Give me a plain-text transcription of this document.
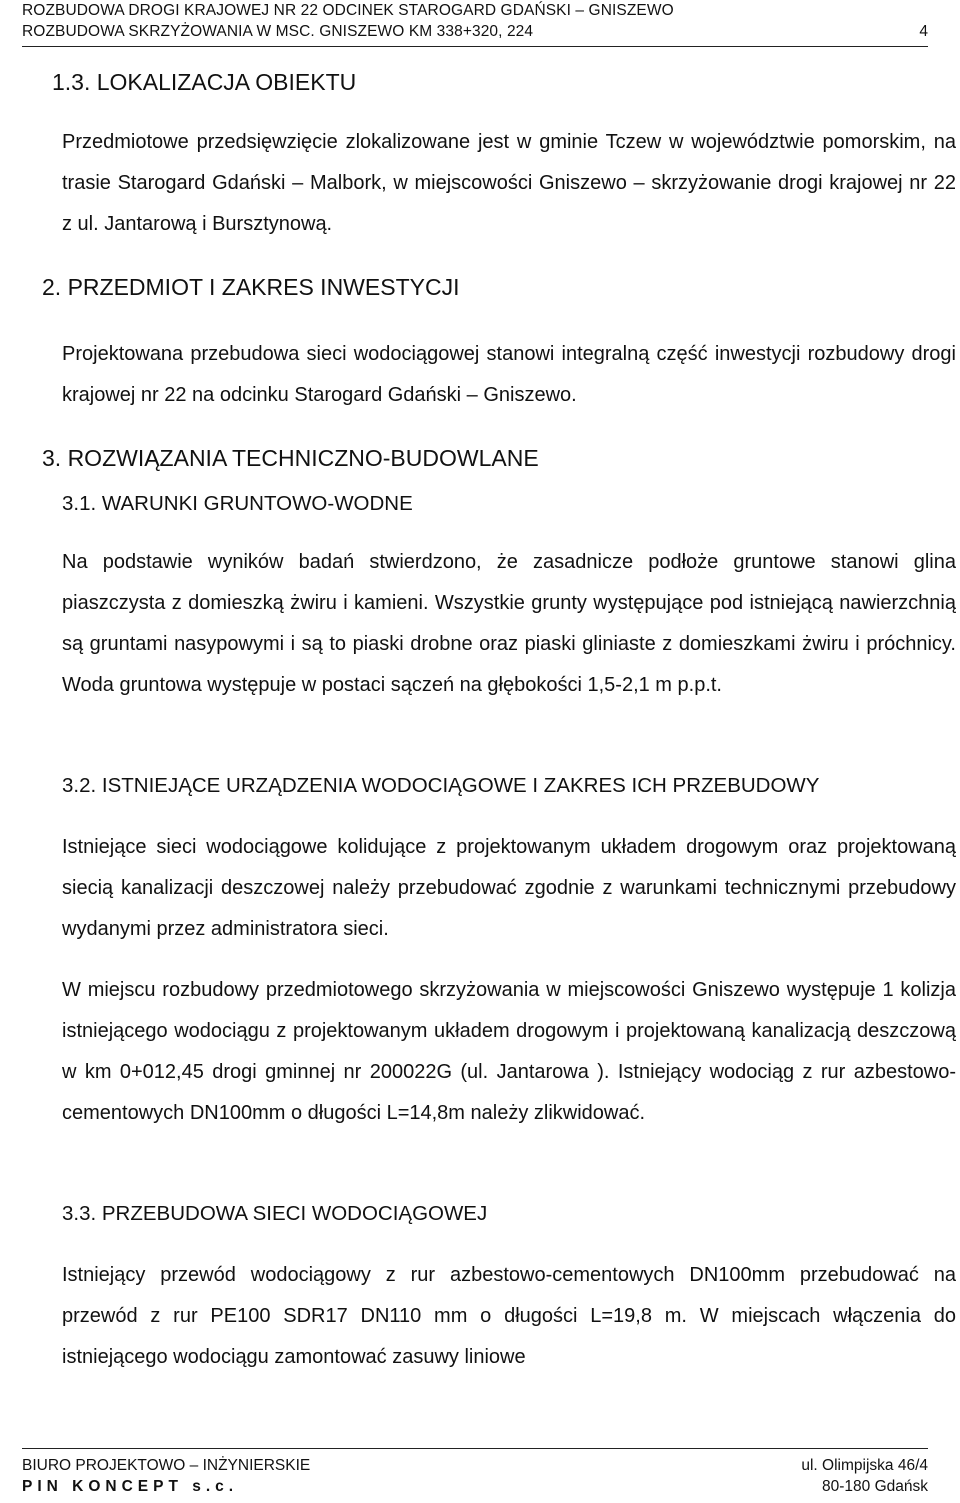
ROZBUDOWA DROGI KRAJOWEJ NR 22 ODCINEK STAROGARD GDAŃSKI – GNISZEWO
ROZBUDOWA SKRZYŻOWANIA W MSC. GNISZEWO KM 338+320, 224	4
1.3. LOKALIZACJA OBIEKTU
Przedmiotowe przedsięwzięcie zlokalizowane jest w gminie Tczew w województwie pomorskim, na trasie Starogard Gdański – Malbork, w miejscowości Gniszewo – skrzyżowanie drogi krajowej nr 22 z ul. Jantarową i Bursztynową.
2. PRZEDMIOT I ZAKRES INWESTYCJI
Projektowana przebudowa sieci wodociągowej stanowi integralną część inwestycji rozbudowy drogi krajowej nr 22 na odcinku Starogard Gdański – Gniszewo.
3. ROZWIĄZANIA TECHNICZNO-BUDOWLANE
3.1. WARUNKI GRUNTOWO-WODNE
Na podstawie wyników badań stwierdzono, że zasadnicze podłoże gruntowe stanowi glina piaszczysta z domieszką żwiru i kamieni. Wszystkie grunty występujące pod istniejącą nawierzchnią są gruntami nasypowymi i są to piaski drobne oraz piaski gliniaste z domieszkami żwiru i próchnicy. Woda gruntowa występuje w postaci sączeń na głębokości 1,5-2,1 m p.p.t.
3.2. ISTNIEJĄCE URZĄDZENIA WODOCIĄGOWE I ZAKRES ICH PRZEBUDOWY
Istniejące sieci wodociągowe kolidujące z projektowanym układem drogowym oraz projektowaną siecią kanalizacji deszczowej należy przebudować zgodnie z warunkami technicznymi przebudowy wydanymi przez administratora sieci.
W miejscu rozbudowy przedmiotowego skrzyżowania w miejscowości Gniszewo występuje 1 kolizja istniejącego wodociągu z projektowanym układem drogowym i projektowaną kanalizacją deszczową w km 0+012,45 drogi gminnej nr 200022G (ul. Jantarowa ). Istniejący wodociąg z rur azbestowo-cementowych DN100mm o długości L=14,8m należy zlikwidować.
3.3. PRZEBUDOWA SIECI WODOCIĄGOWEJ
Istniejący przewód wodociągowy z rur azbestowo-cementowych DN100mm przebudować na przewód z rur PE100 SDR17 DN110 mm o długości L=19,8 m. W miejscach włączenia do istniejącego wodociągu zamontować zasuwy liniowe
BIURO PROJEKTOWO – INŻYNIERSKIE	ul. Olimpijska 46/4
PIN KONCEPT s.c.	80-180 Gdańsk
